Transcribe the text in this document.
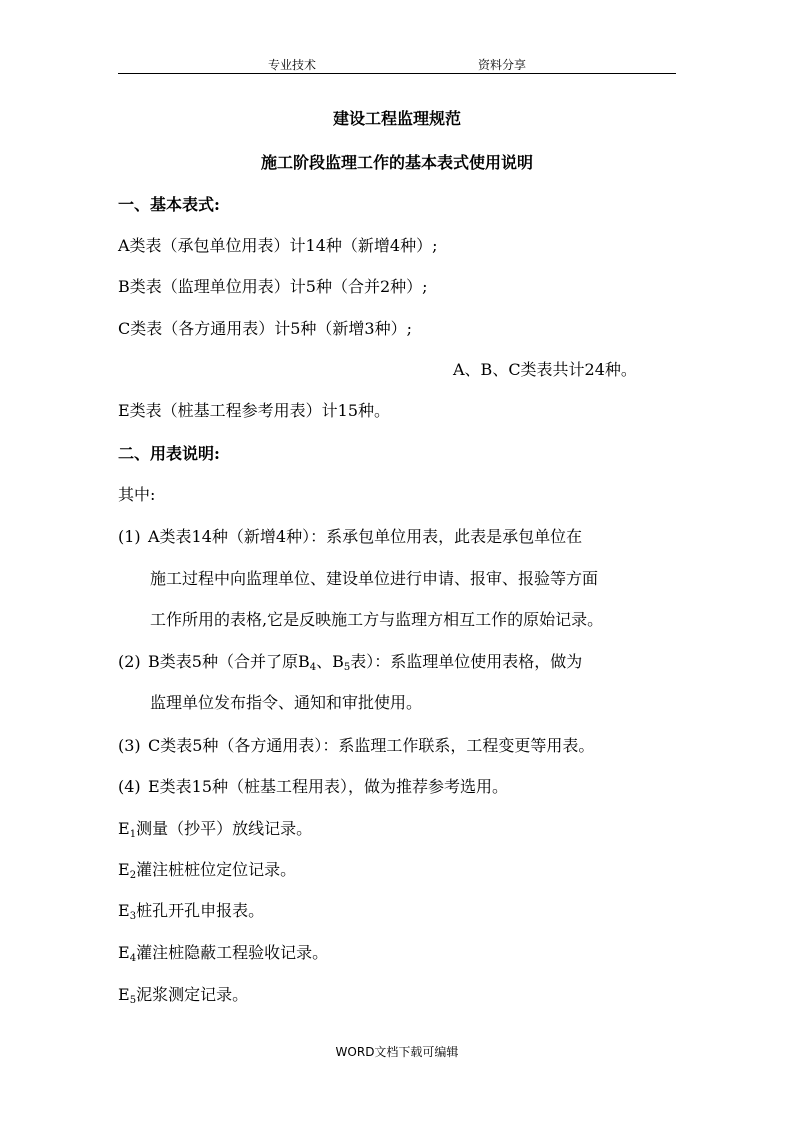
专业技术	资料分享
建设工程监理规范
施工阶段监理工作的基本表式使用说明
一、基本表式:
A类表（承包单位用表）计14种（新增4种）;
B类表（监理单位用表）计5种（合并2种）;
C类表（各方通用表）计5种（新增3种）;
A、B、C类表共计24种。
E类表（桩基工程参考用表）计15种。
二、用表说明:
其中:
(1) A类表14种（新增4种）：系承包单位用表，此表是承包单位在
施工过程中向监理单位、建设单位进行申请、报审、报验等方面
工作所用的表格,它是反映施工方与监理方相互工作的原始记录。
(2) B类表5种（合并了原$B_4$、$B_5$表）：系监理单位使用表格，做为
监理单位发布指令、通知和审批使用。
(3) C类表5种（各方通用表）：系监理工作联系，工程变更等用表。
(4) E类表15种（桩基工程用表），做为推荐参考选用。
$E_1$测量（抄平）放线记录。
$E_2$灌注桩桩位定位记录。
$E_3$桩孔开孔申报表。
$E_4$灌注桩隐蔽工程验收记录。
$E_5$泥浆测定记录。
WORD文档下载可编辑
